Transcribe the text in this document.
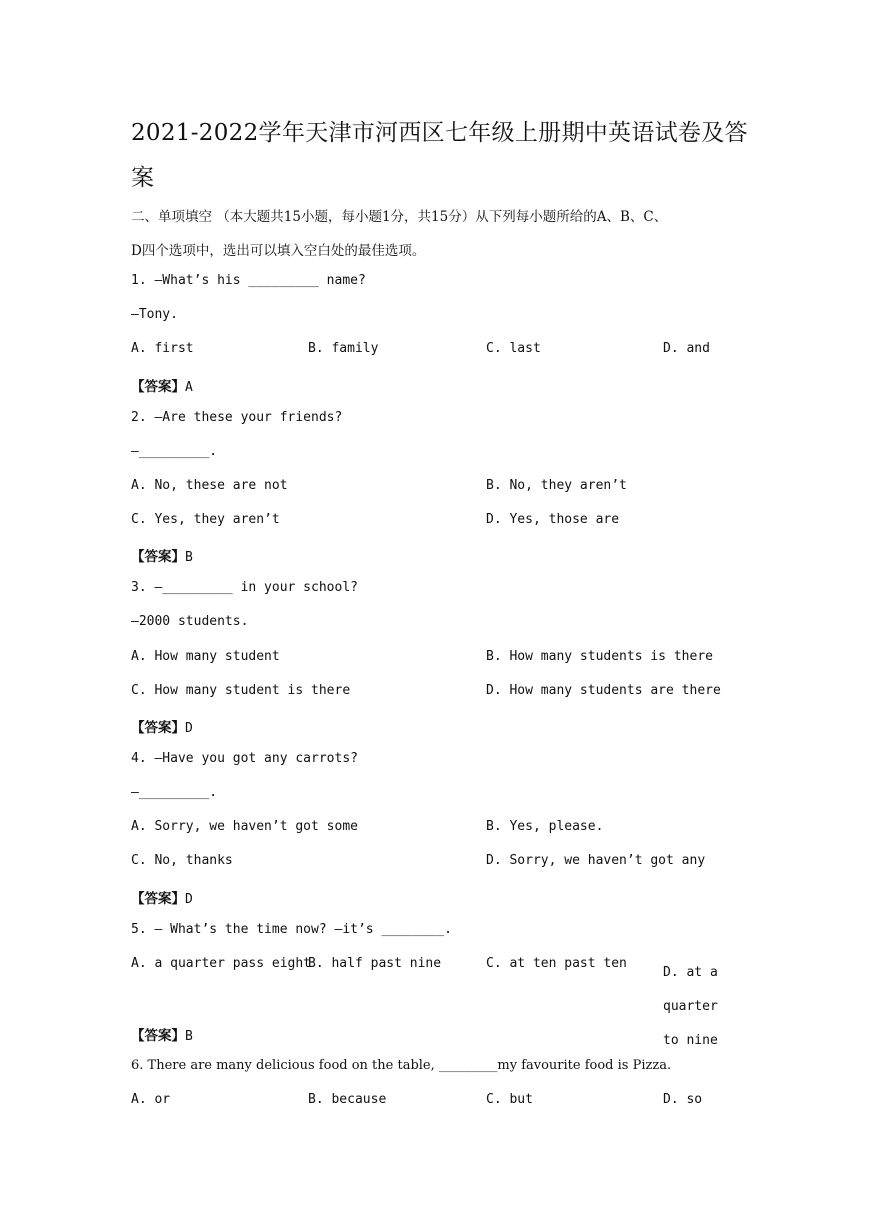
2021-2022学年天津市河西区七年级上册期中英语试卷及答案
二、单项填空 （本大题共15小题，每小题1分，共15分）从下列每小题所给的A、B、C、
D四个选项中，选出可以填入空白处的最佳选项。
1. —What’s his _________ name?
—Tony.
A. first	B. family	C. last	D. and
【答案】A
2. —Are these your friends?
—_________.
A. No, these are not	B. No, they aren’t
C. Yes, they aren’t	D. Yes, those are
【答案】B
3. —_________ in your school?
—2000 students.
A. How many student	B. How many students is there
C. How many student is there	D. How many students are there
【答案】D
4. —Have you got any carrots?
—_________.
A. Sorry, we haven’t got some	B. Yes, please.
C. No, thanks	D. Sorry, we haven’t got any
【答案】D
5. — What’s the time now? —it’s ________.
A. a quarter pass eight
B. half past nine	C. at ten past ten
D. at a quarter to nine
【答案】B
6. There are many delicious food on the table, _________my favourite food is Pizza.
A. or	B. because	C. but	D. so
